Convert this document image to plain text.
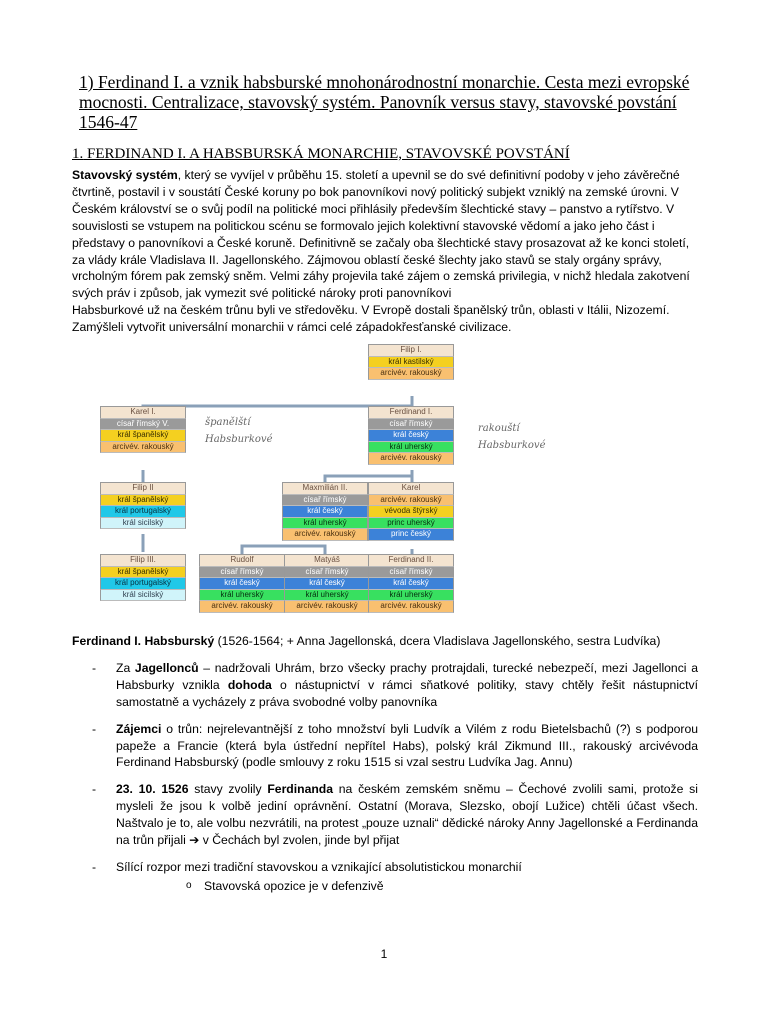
1) Ferdinand I. a vznik habsburské mnohonárodnostní monarchie. Cesta mezi evropské mocnosti. Centralizace, stavovský systém. Panovník versus stavy, stavovské povstání 1546-47
1. FERDINAND I. A HABSBURSKÁ MONARCHIE, STAVOVSKÉ POVSTÁNÍ

Stavovský systém, který se vyvíjel v průběhu 15. století a upevnil se do své definitivní podoby v jeho závěrečné čtvrtině, postavil i v soustátí České koruny po bok panovníkovi nový politický subjekt vzniklý na zemské úrovni. V Českém království se o svůj podíl na politické moci přihlásily především šlechtické stavy – panstvo a rytířstvo. V souvislosti se vstupem na politickou scénu se formovalo jejich kolektivní stavovské vědomí a jako jeho část i představy o panovníkovi a České koruně. Definitivně se začaly oba šlechtické stavy prosazovat až ke konci století, za vlády krále Vladislava II. Jagellonského. Zájmovou oblastí české šlechty jako stavů se staly orgány správy, vrcholným fórem pak zemský sněm. Velmi záhy projevila také zájem o zemská privilegia, v nichž hledala zakotvení svých práv i způsob, jak vymezit své politické nároky proti panovníkovi

Habsburkové už na českém trůnu byli ve středověku. V Evropě dostali španělský trůn, oblasti v Itálii, Nizozemí. Zamýšleli vytvořit universální monarchii v rámci celé západokřesťanské civilizace.

španělští Habsburkové
rakouští Habsburkové
Filip I.
král kastilský
arcivév. rakouský
Karel I.
císař římský V.
král španělský
arcivév. rakouský
Ferdinand I.
císař římský
král český
král uherský
arcivév. rakouský
Filip II
král španělský
král portugalský
král sicilský
Maxmilián II.
císař římský
král český
král uherský
arcivév. rakouský
Karel
arcivév. rakouský
vévoda štýrský
princ uherský
princ český
Filip III.
král španělský
král portugalský
král sicilský
Rudolf
císař římský
král český
král uherský
arcivév. rakouský
Matyáš
císař římský
král český
král uherský
arcivév. rakouský
Ferdinand II.
císař římský
král český
král uherský
arcivév. rakouský

Ferdinand I. Habsburský (1526-1564; + Anna Jagellonská, dcera Vladislava Jagellonského, sestra Ludvíka)

- Za Jagellonců – nadržovali Uhrám, brzo všecky prachy protrajdali, turecké nebezpečí, mezi Jagellonci a Habsburky vznikla dohoda o nástupnictví v rámci sňatkové politiky, stavy chtěly řešit nástupnictví samostatně a vycházely z práva svobodné volby panovníka
- Zájemci o trůn: nejrelevantnější z toho množství byli Ludvík a Vilém z rodu Bietelsbachů (?) s podporou papeže a Francie (která byla ústřední nepřítel Habs), polský král Zikmund III., rakouský arcivévoda Ferdinand Habsburský (podle smlouvy z roku 1515 si vzal sestru Ludvíka Jag. Annu)
- 23. 10. 1526 stavy zvolily Ferdinanda na českém zemském sněmu – Čechové zvolili sami, protože si mysleli že jsou k volbě jediní oprávnění. Ostatní (Morava, Slezsko, obojí Lužice) chtěli účast všech. Naštvalo je to, ale volbu nezvrátili, na protest „pouze uznali“ dědické nároky Anny Jagellonské a Ferdinanda na trůn přijali ➔ v Čechách byl zvolen, jinde byl přijat
- Sílící rozpor mezi tradiční stavovskou a vznikající absolutistickou monarchií
o Stavovská opozice je v defenzivě
1
